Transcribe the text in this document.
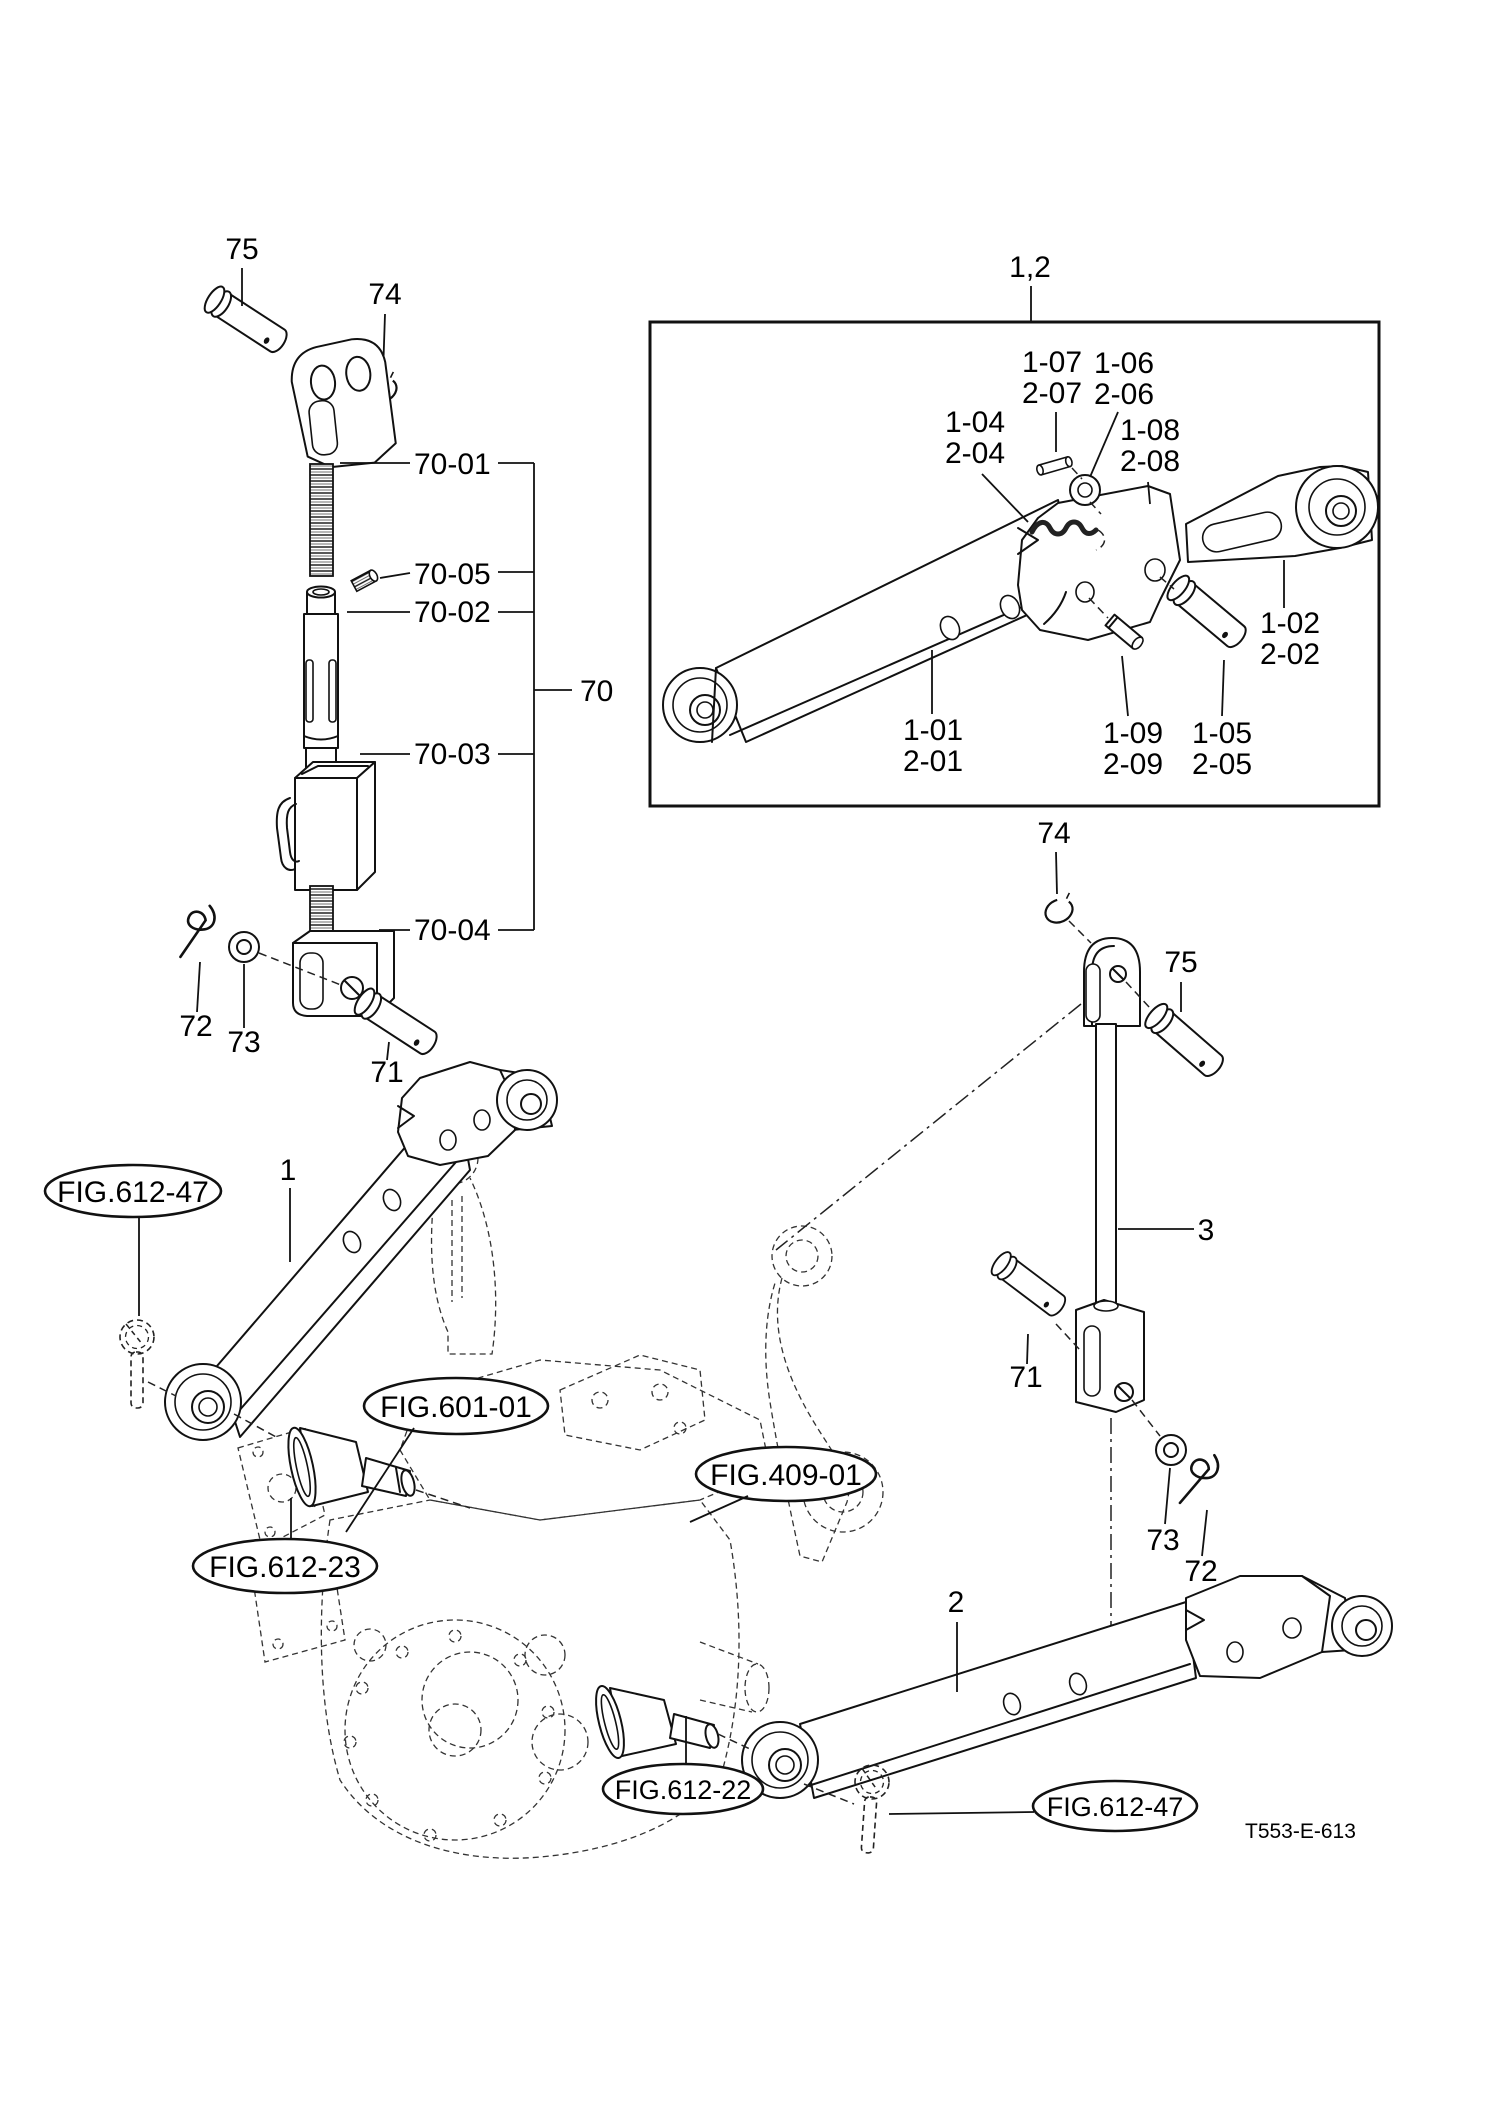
75
74
70-01
70-05
70-02
70-03
70-04
70
72 73
71
1,2
1-04
2-04
1-07
2-07
1-06
2-06
1-08
2-08
1-02
2-02
1-01
2-01
1-09
2-09
1-05
2-05
1
FIG.612-47
FIG.612-23
FIG.601-01
FIG.409-01
74
3
75
71
73
72
2
FIG.612-22
FIG.612-47
T553-E-613
